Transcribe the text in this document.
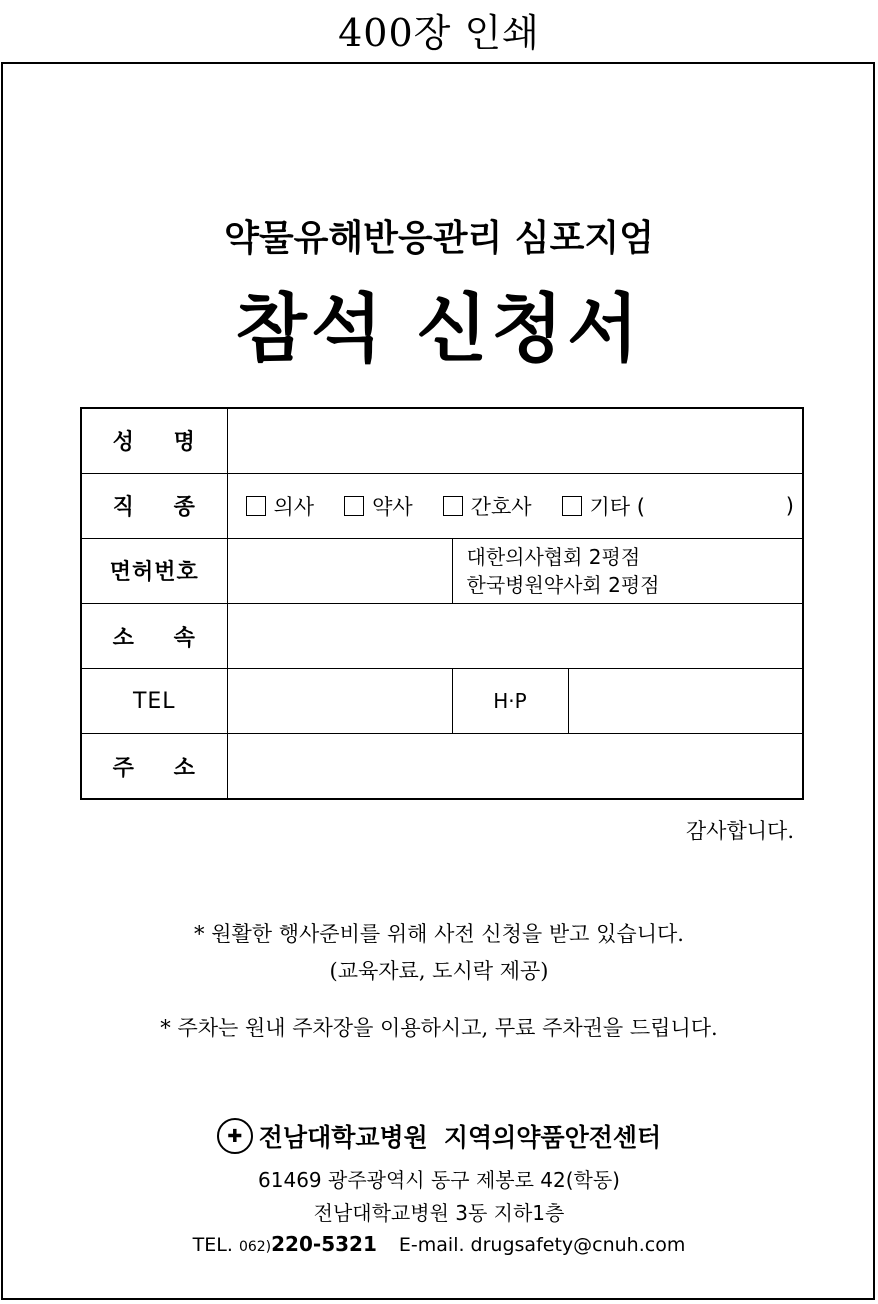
400장 인쇄
약물유해반응관리 심포지엄
참석 신청서
성 명			
직 종	의사 약사 간호사 기타 ( )		

면허번호		대한의사협회 2평점
한국병원약사회 2평점	

소 속			
TEL		H·P	
주 소			
감사합니다.
* 원활한 행사준비를 위해 사전 신청을 받고 있습니다.
(교육자료, 도시락 제공)
* 주차는 원내 주차장을 이용하시고, 무료 주차권을 드립니다.
✚ 전남대학교병원 지역의약품안전센터
61469 광주광역시 동구 제봉로 42(학동)
전남대학교병원 3동 지하1층
TEL. 062)220-5321 E-mail. drugsafety@cnuh.com
